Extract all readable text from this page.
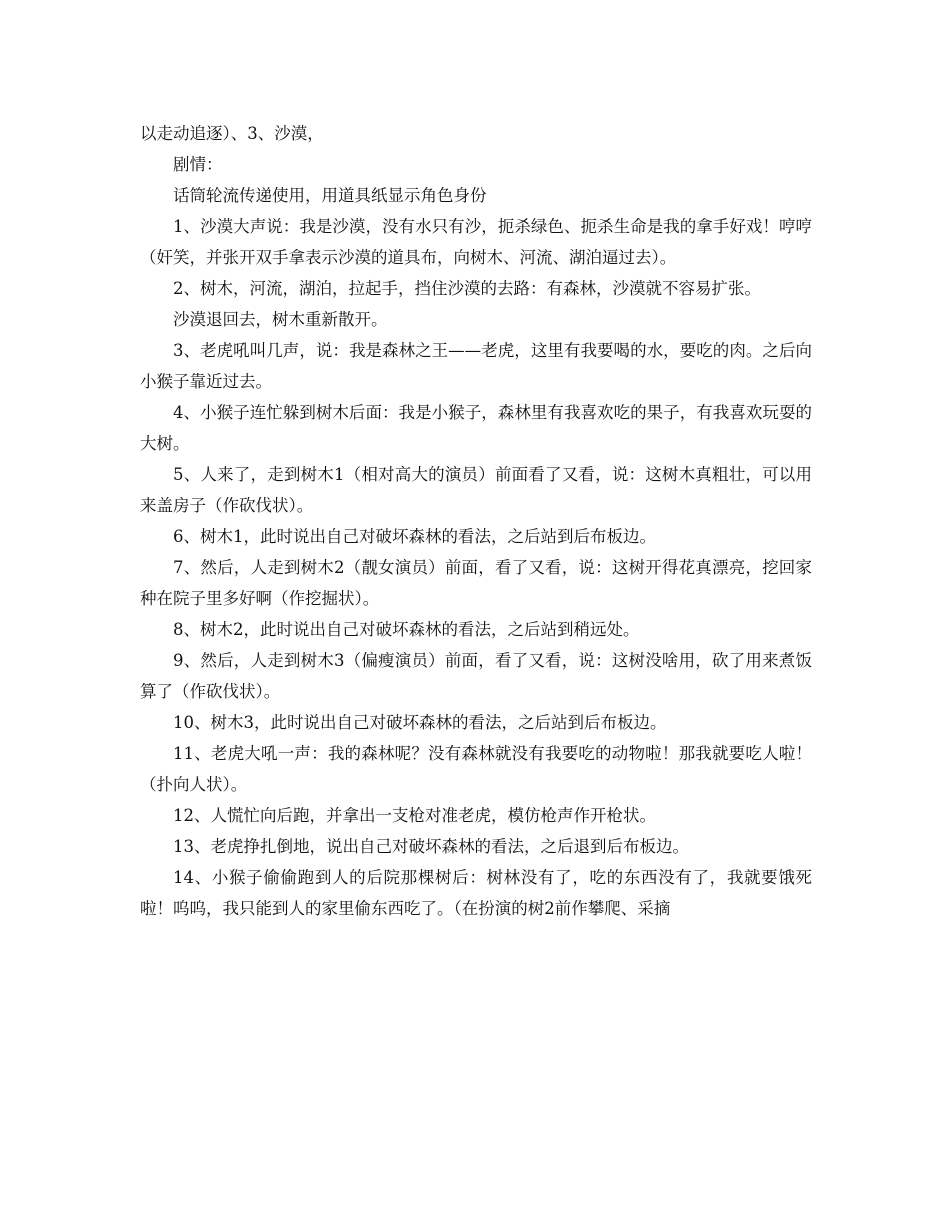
以走动追逐）、3、沙漠，

剧情：

话筒轮流传递使用，用道具纸显示角色身份

1、沙漠大声说：我是沙漠，没有水只有沙，扼杀绿色、扼杀生命是我的拿手好戏！哼哼（奸笑，并张开双手拿表示沙漠的道具布，向树木、河流、湖泊逼过去）。

2、树木，河流，湖泊，拉起手，挡住沙漠的去路：有森林，沙漠就不容易扩张。

沙漠退回去，树木重新散开。

3、老虎吼叫几声，说：我是森林之王——老虎，这里有我要喝的水，要吃的肉。之后向小猴子靠近过去。

4、小猴子连忙躲到树木后面：我是小猴子，森林里有我喜欢吃的果子，有我喜欢玩耍的大树。

5、人来了，走到树木1（相对高大的演员）前面看了又看，说：这树木真粗壮，可以用来盖房子（作砍伐状）。

6、树木1，此时说出自己对破坏森林的看法，之后站到后布板边。

7、然后，人走到树木2（靓女演员）前面，看了又看，说：这树开得花真漂亮，挖回家种在院子里多好啊（作挖掘状）。

8、树木2，此时说出自己对破坏森林的看法，之后站到稍远处。

9、然后，人走到树木3（偏瘦演员）前面，看了又看，说：这树没啥用，砍了用来煮饭算了（作砍伐状）。

10、树木3，此时说出自己对破坏森林的看法，之后站到后布板边。

11、老虎大吼一声：我的森林呢？没有森林就没有我要吃的动物啦！那我就要吃人啦！（扑向人状）。

12、人慌忙向后跑，并拿出一支枪对准老虎，模仿枪声作开枪状。

13、老虎挣扎倒地，说出自己对破坏森林的看法，之后退到后布板边。

14、小猴子偷偷跑到人的后院那棵树后：树林没有了，吃的东西没有了，我就要饿死啦！呜呜，我只能到人的家里偷东西吃了。（在扮演的树2前作攀爬、采摘
